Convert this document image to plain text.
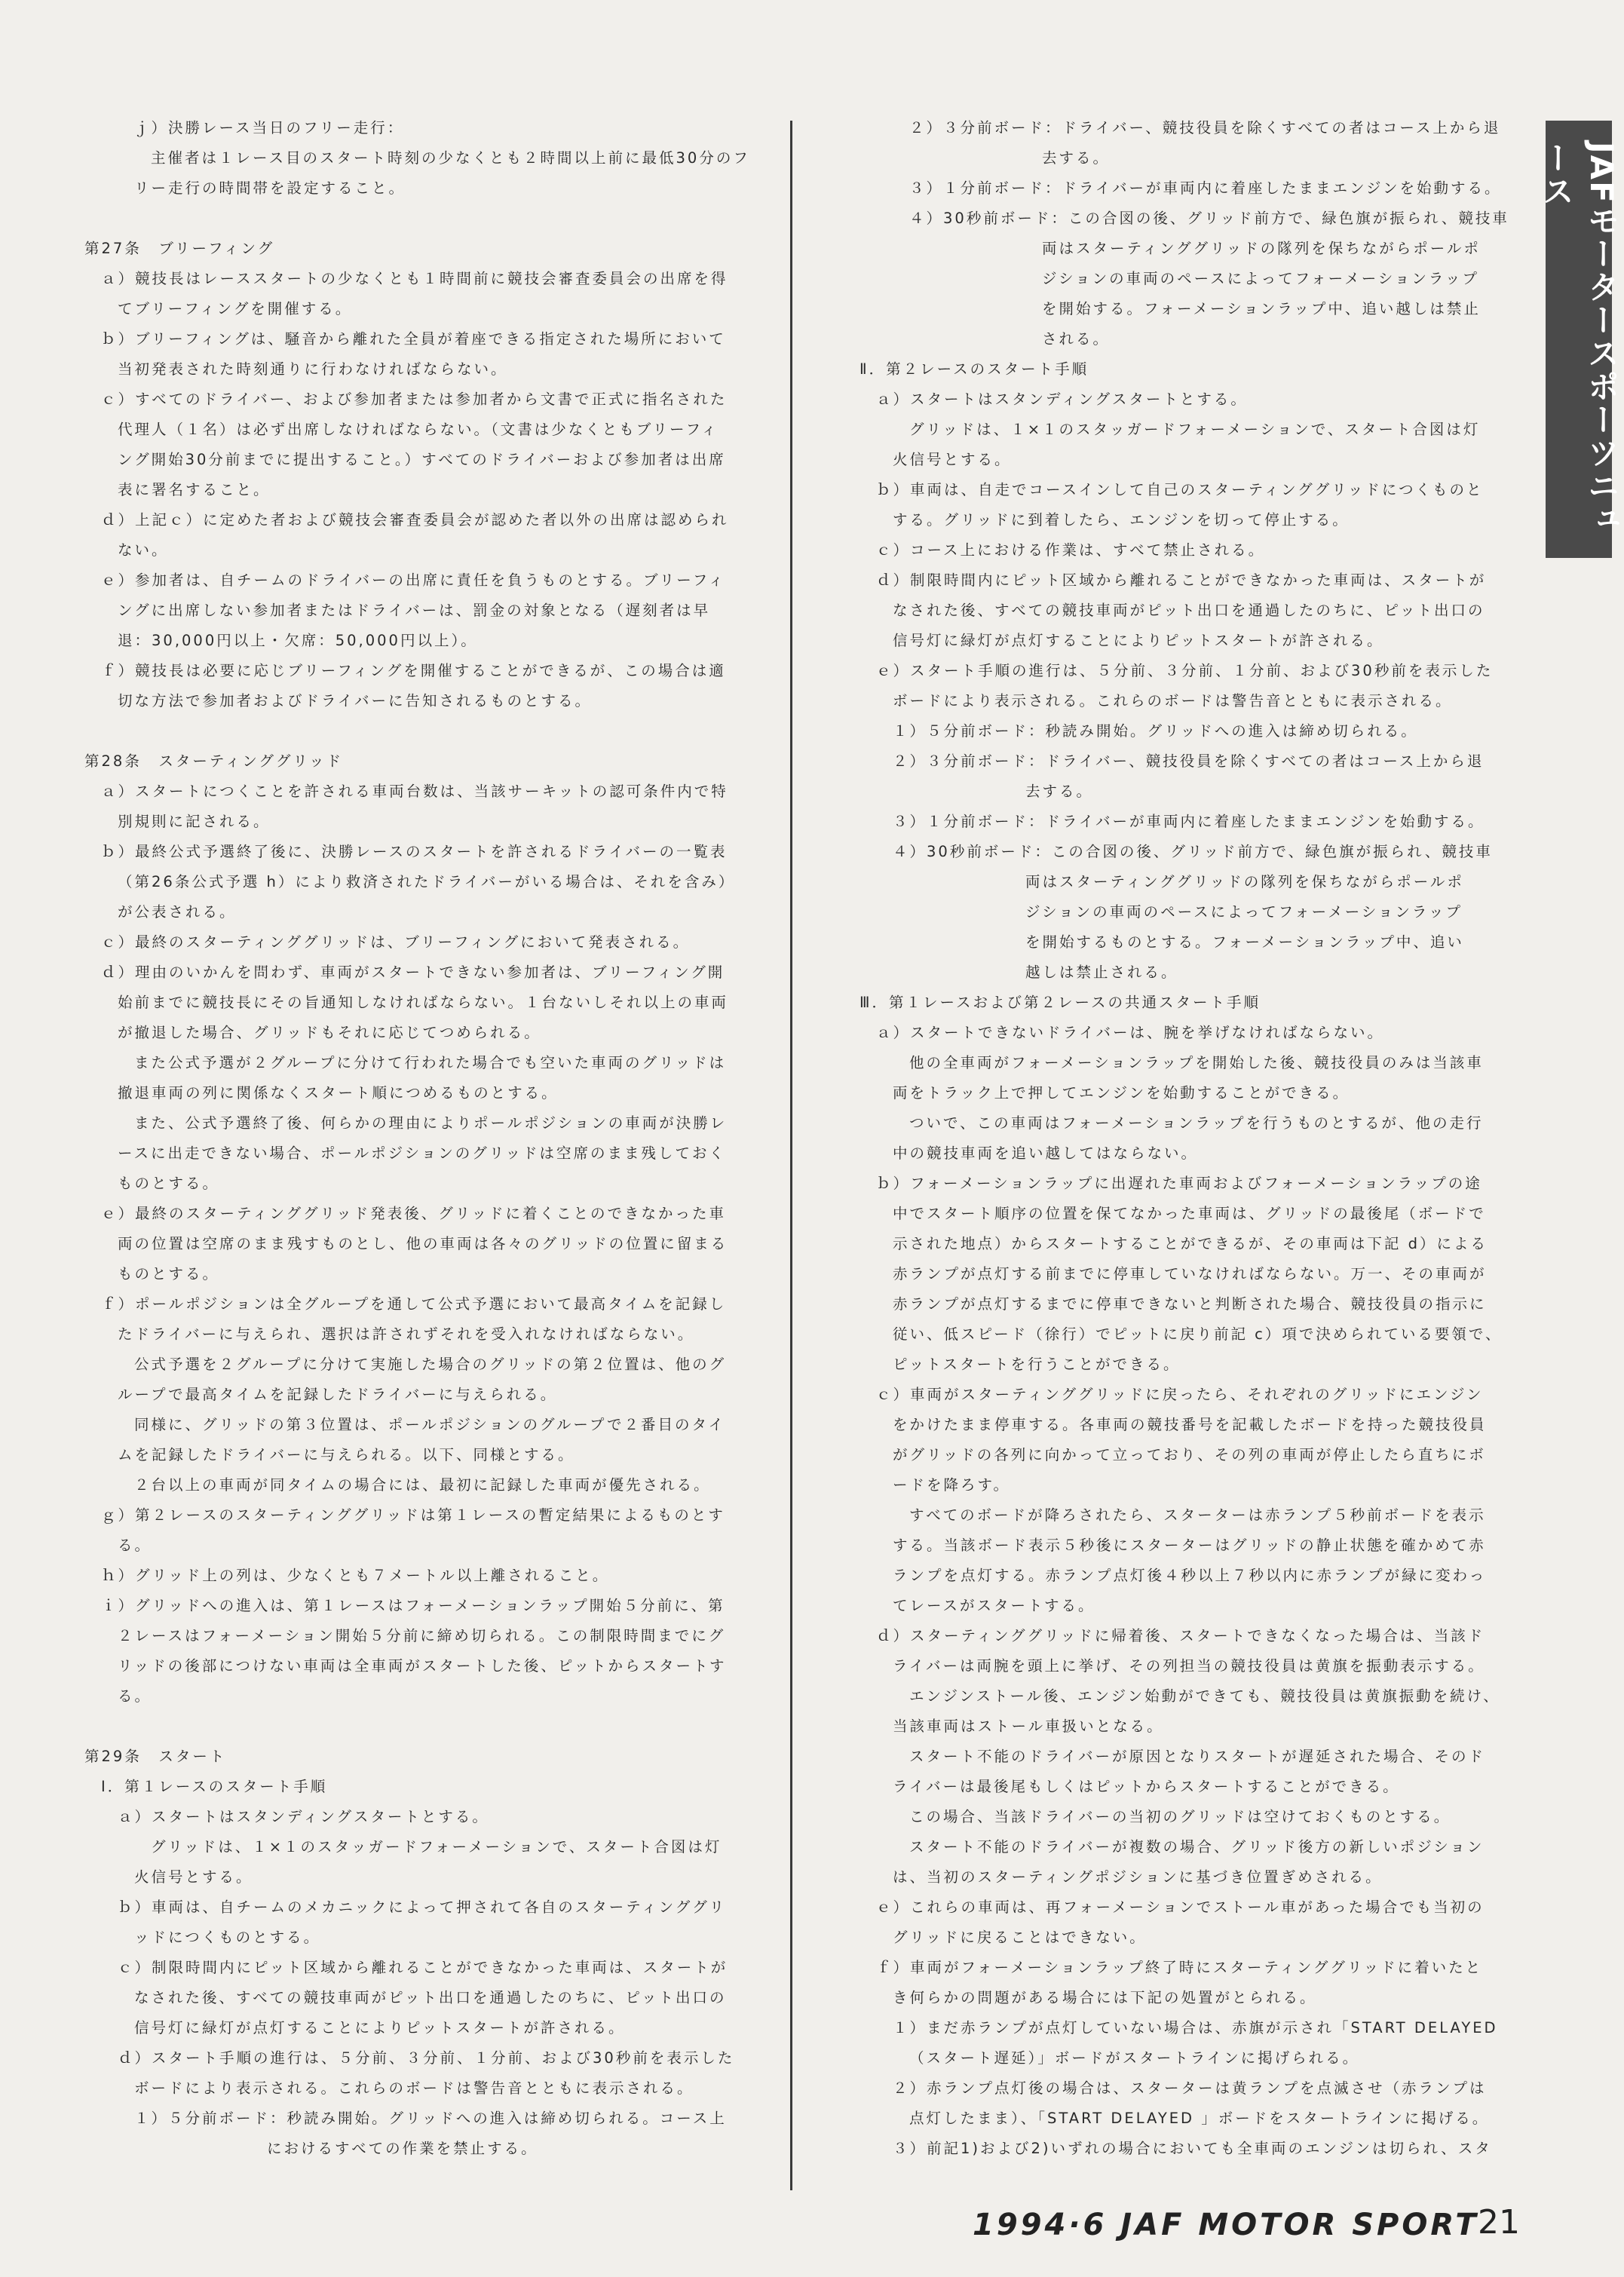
ｊ）決勝レース当日のフリー走行：
主催者は１レース目のスタート時刻の少なくとも２時間以上前に最低30分のフ
リー走行の時間帯を設定すること。
第27条　ブリーフィング
ａ）競技長はレーススタートの少なくとも１時間前に競技会審査委員会の出席を得
てブリーフィングを開催する。
ｂ）ブリーフィングは、騒音から離れた全員が着座できる指定された場所において
当初発表された時刻通りに行わなければならない。
ｃ）すべてのドライバー、および参加者または参加者から文書で正式に指名された
代理人（１名）は必ず出席しなければならない。（文書は少なくともブリーフィ
ング開始30分前までに提出すること。）すべてのドライバーおよび参加者は出席
表に署名すること。
ｄ）上記ｃ）に定めた者および競技会審査委員会が認めた者以外の出席は認められ
ない。
ｅ）参加者は、自チームのドライバーの出席に責任を負うものとする。ブリーフィ
ングに出席しない参加者またはドライバーは、罰金の対象となる（遅刻者は早
退：30,000円以上・欠席：50,000円以上）。
ｆ）競技長は必要に応じブリーフィングを開催することができるが、この場合は適
切な方法で参加者およびドライバーに告知されるものとする。
第28条　スターティンググリッド
ａ）スタートにつくことを許される車両台数は、当該サーキットの認可条件内で特
別規則に記される。
ｂ）最終公式予選終了後に、決勝レースのスタートを許されるドライバーの一覧表
（第26条公式予選 h）により救済されたドライバーがいる場合は、それを含み）
が公表される。
ｃ）最終のスターティンググリッドは、ブリーフィングにおいて発表される。
ｄ）理由のいかんを問わず、車両がスタートできない参加者は、ブリーフィング開
始前までに競技長にその旨通知しなければならない。１台ないしそれ以上の車両
が撤退した場合、グリッドもそれに応じてつめられる。
また公式予選が２グループに分けて行われた場合でも空いた車両のグリッドは
撤退車両の列に関係なくスタート順につめるものとする。
また、公式予選終了後、何らかの理由によりポールポジションの車両が決勝レ
ースに出走できない場合、ポールポジションのグリッドは空席のまま残しておく
ものとする。
ｅ）最終のスターティンググリッド発表後、グリッドに着くことのできなかった車
両の位置は空席のまま残すものとし、他の車両は各々のグリッドの位置に留まる
ものとする。
ｆ）ポールポジションは全グループを通して公式予選において最高タイムを記録し
たドライバーに与えられ、選択は許されずそれを受入れなければならない。
公式予選を２グループに分けて実施した場合のグリッドの第２位置は、他のグ
ループで最高タイムを記録したドライバーに与えられる。
同様に、グリッドの第３位置は、ポールポジションのグループで２番目のタイ
ムを記録したドライバーに与えられる。以下、同様とする。
２台以上の車両が同タイムの場合には、最初に記録した車両が優先される。
ｇ）第２レースのスターティンググリッドは第１レースの暫定結果によるものとす
る。
ｈ）グリッド上の列は、少なくとも７メートル以上離されること。
ｉ）グリッドへの進入は、第１レースはフォーメーションラップ開始５分前に、第
２レースはフォーメーション開始５分前に締め切られる。この制限時間までにグ
リッドの後部につけない車両は全車両がスタートした後、ピットからスタートす
る。
第29条　スタート
Ⅰ．第１レースのスタート手順
ａ）スタートはスタンディングスタートとする。
グリッドは、１×１のスタッガードフォーメーションで、スタート合図は灯
火信号とする。
ｂ）車両は、自チームのメカニックによって押されて各自のスターティンググリ
ッドにつくものとする。
ｃ）制限時間内にピット区域から離れることができなかった車両は、スタートが
なされた後、すべての競技車両がピット出口を通過したのちに、ピット出口の
信号灯に緑灯が点灯することによりピットスタートが許される。
ｄ）スタート手順の進行は、５分前、３分前、１分前、および30秒前を表示した
ボードにより表示される。これらのボードは警告音とともに表示される。
１）５分前ボード：秒読み開始。グリッドへの進入は締め切られる。コース上
におけるすべての作業を禁止する。
２）３分前ボード：ドライバー、競技役員を除くすべての者はコース上から退
去する。
３）１分前ボード：ドライバーが車両内に着座したままエンジンを始動する。
４）30秒前ボード：この合図の後、グリッド前方で、緑色旗が振られ、競技車
両はスターティンググリッドの隊列を保ちながらポールポ
ジションの車両のペースによってフォーメーションラップ
を開始する。フォーメーションラップ中、追い越しは禁止
される。
Ⅱ．第２レースのスタート手順
ａ）スタートはスタンディングスタートとする。
グリッドは、１×１のスタッガードフォーメーションで、スタート合図は灯
火信号とする。
ｂ）車両は、自走でコースインして自己のスターティンググリッドにつくものと
する。グリッドに到着したら、エンジンを切って停止する。
ｃ）コース上における作業は、すべて禁止される。
ｄ）制限時間内にピット区域から離れることができなかった車両は、スタートが
なされた後、すべての競技車両がピット出口を通過したのちに、ピット出口の
信号灯に緑灯が点灯することによりピットスタートが許される。
ｅ）スタート手順の進行は、５分前、３分前、１分前、および30秒前を表示した
ボードにより表示される。これらのボードは警告音とともに表示される。
１）５分前ボード：秒読み開始。グリッドへの進入は締め切られる。
２）３分前ボード：ドライバー、競技役員を除くすべての者はコース上から退
去する。
３）１分前ボード：ドライバーが車両内に着座したままエンジンを始動する。
４）30秒前ボード：この合図の後、グリッド前方で、緑色旗が振られ、競技車
両はスターティンググリッドの隊列を保ちながらポールポ
ジションの車両のペースによってフォーメーションラップ
を開始するものとする。フォーメーションラップ中、追い
越しは禁止される。
Ⅲ．第１レースおよび第２レースの共通スタート手順
ａ）スタートできないドライバーは、腕を挙げなければならない。
他の全車両がフォーメーションラップを開始した後、競技役員のみは当該車
両をトラック上で押してエンジンを始動することができる。
ついで、この車両はフォーメーションラップを行うものとするが、他の走行
中の競技車両を追い越してはならない。
ｂ）フォーメーションラップに出遅れた車両およびフォーメーションラップの途
中でスタート順序の位置を保てなかった車両は、グリッドの最後尾（ボードで
示された地点）からスタートすることができるが、その車両は下記 d）による
赤ランプが点灯する前までに停車していなければならない。万一、その車両が
赤ランプが点灯するまでに停車できないと判断された場合、競技役員の指示に
従い、低スピード（徐行）でピットに戻り前記 c）項で決められている要領で、
ピットスタートを行うことができる。
ｃ）車両がスターティンググリッドに戻ったら、それぞれのグリッドにエンジン
をかけたまま停車する。各車両の競技番号を記載したボードを持った競技役員
がグリッドの各列に向かって立っており、その列の車両が停止したら直ちにボ
ードを降ろす。
すべてのボードが降ろされたら、スターターは赤ランプ５秒前ボードを表示
する。当該ボード表示５秒後にスターターはグリッドの静止状態を確かめて赤
ランプを点灯する。赤ランプ点灯後４秒以上７秒以内に赤ランプが緑に変わっ
てレースがスタートする。
ｄ）スターティンググリッドに帰着後、スタートできなくなった場合は、当該ド
ライバーは両腕を頭上に挙げ、その列担当の競技役員は黄旗を振動表示する。
エンジンストール後、エンジン始動ができても、競技役員は黄旗振動を続け、
当該車両はストール車扱いとなる。
スタート不能のドライバーが原因となりスタートが遅延された場合、そのド
ライバーは最後尾もしくはピットからスタートすることができる。
この場合、当該ドライバーの当初のグリッドは空けておくものとする。
スタート不能のドライバーが複数の場合、グリッド後方の新しいポジション
は、当初のスターティングポジションに基づき位置ぎめされる。
ｅ）これらの車両は、再フォーメーションでストール車があった場合でも当初の
グリッドに戻ることはできない。
ｆ）車両がフォーメーションラップ終了時にスターティンググリッドに着いたと
き何らかの問題がある場合には下記の処置がとられる。
１）まだ赤ランプが点灯していない場合は、赤旗が示され「START DELAYED
（スタート遅延）」ボードがスタートラインに掲げられる。
２）赤ランプ点灯後の場合は、スターターは黄ランプを点滅させ（赤ランプは
点灯したまま）、「START DELAYED 」ボードをスタートラインに掲げる。
３）前記1)および2)いずれの場合においても全車両のエンジンは切られ、スタ
JAFモータースポーツニュース
1994·6 JAF MOTOR SPORT
21
